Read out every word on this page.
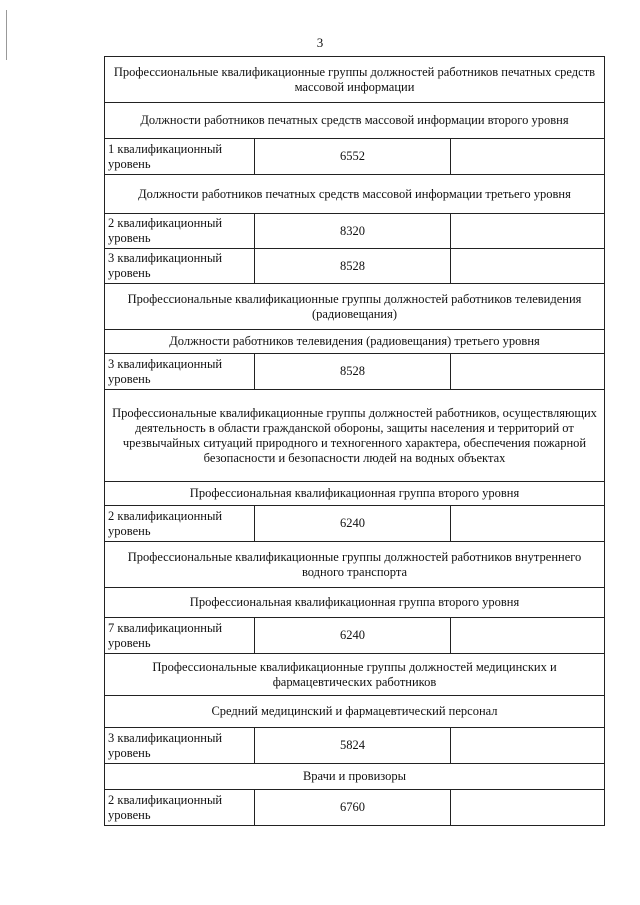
3
Профессиональные квалификационные группы должностей работников печатных средств массовой информации		
Должности работников печатных средств массовой информации второго уровня		
1 квалификационный уровень	6552	
Должности работников печатных средств массовой информации третьего уровня		
2 квалификационный уровень	8320	
3 квалификационный уровень	8528	
Профессиональные квалификационные группы должностей работников телевидения (радиовещания)		
Должности работников телевидения (радиовещания) третьего уровня		
3 квалификационный уровень	8528	
Профессиональные квалификационные группы должностей работников, осуществляющих деятельность в области гражданской обороны, защиты населения и территорий от чрезвычайных ситуаций природного и техногенного характера, обеспечения пожарной безопасности и безопасности людей на водных объектах		
Профессиональная квалификационная группа второго уровня		
2 квалификационный уровень	6240	
Профессиональные квалификационные группы должностей работников внутреннего водного транспорта		
Профессиональная квалификационная группа второго уровня		
7 квалификационный уровень	6240	
Профессиональные квалификационные группы должностей медицинских и фармацевтических работников		
Средний медицинский и фармацевтический персонал		
3 квалификационный уровень	5824	
Врачи и провизоры		
2 квалификационный уровень	6760	
